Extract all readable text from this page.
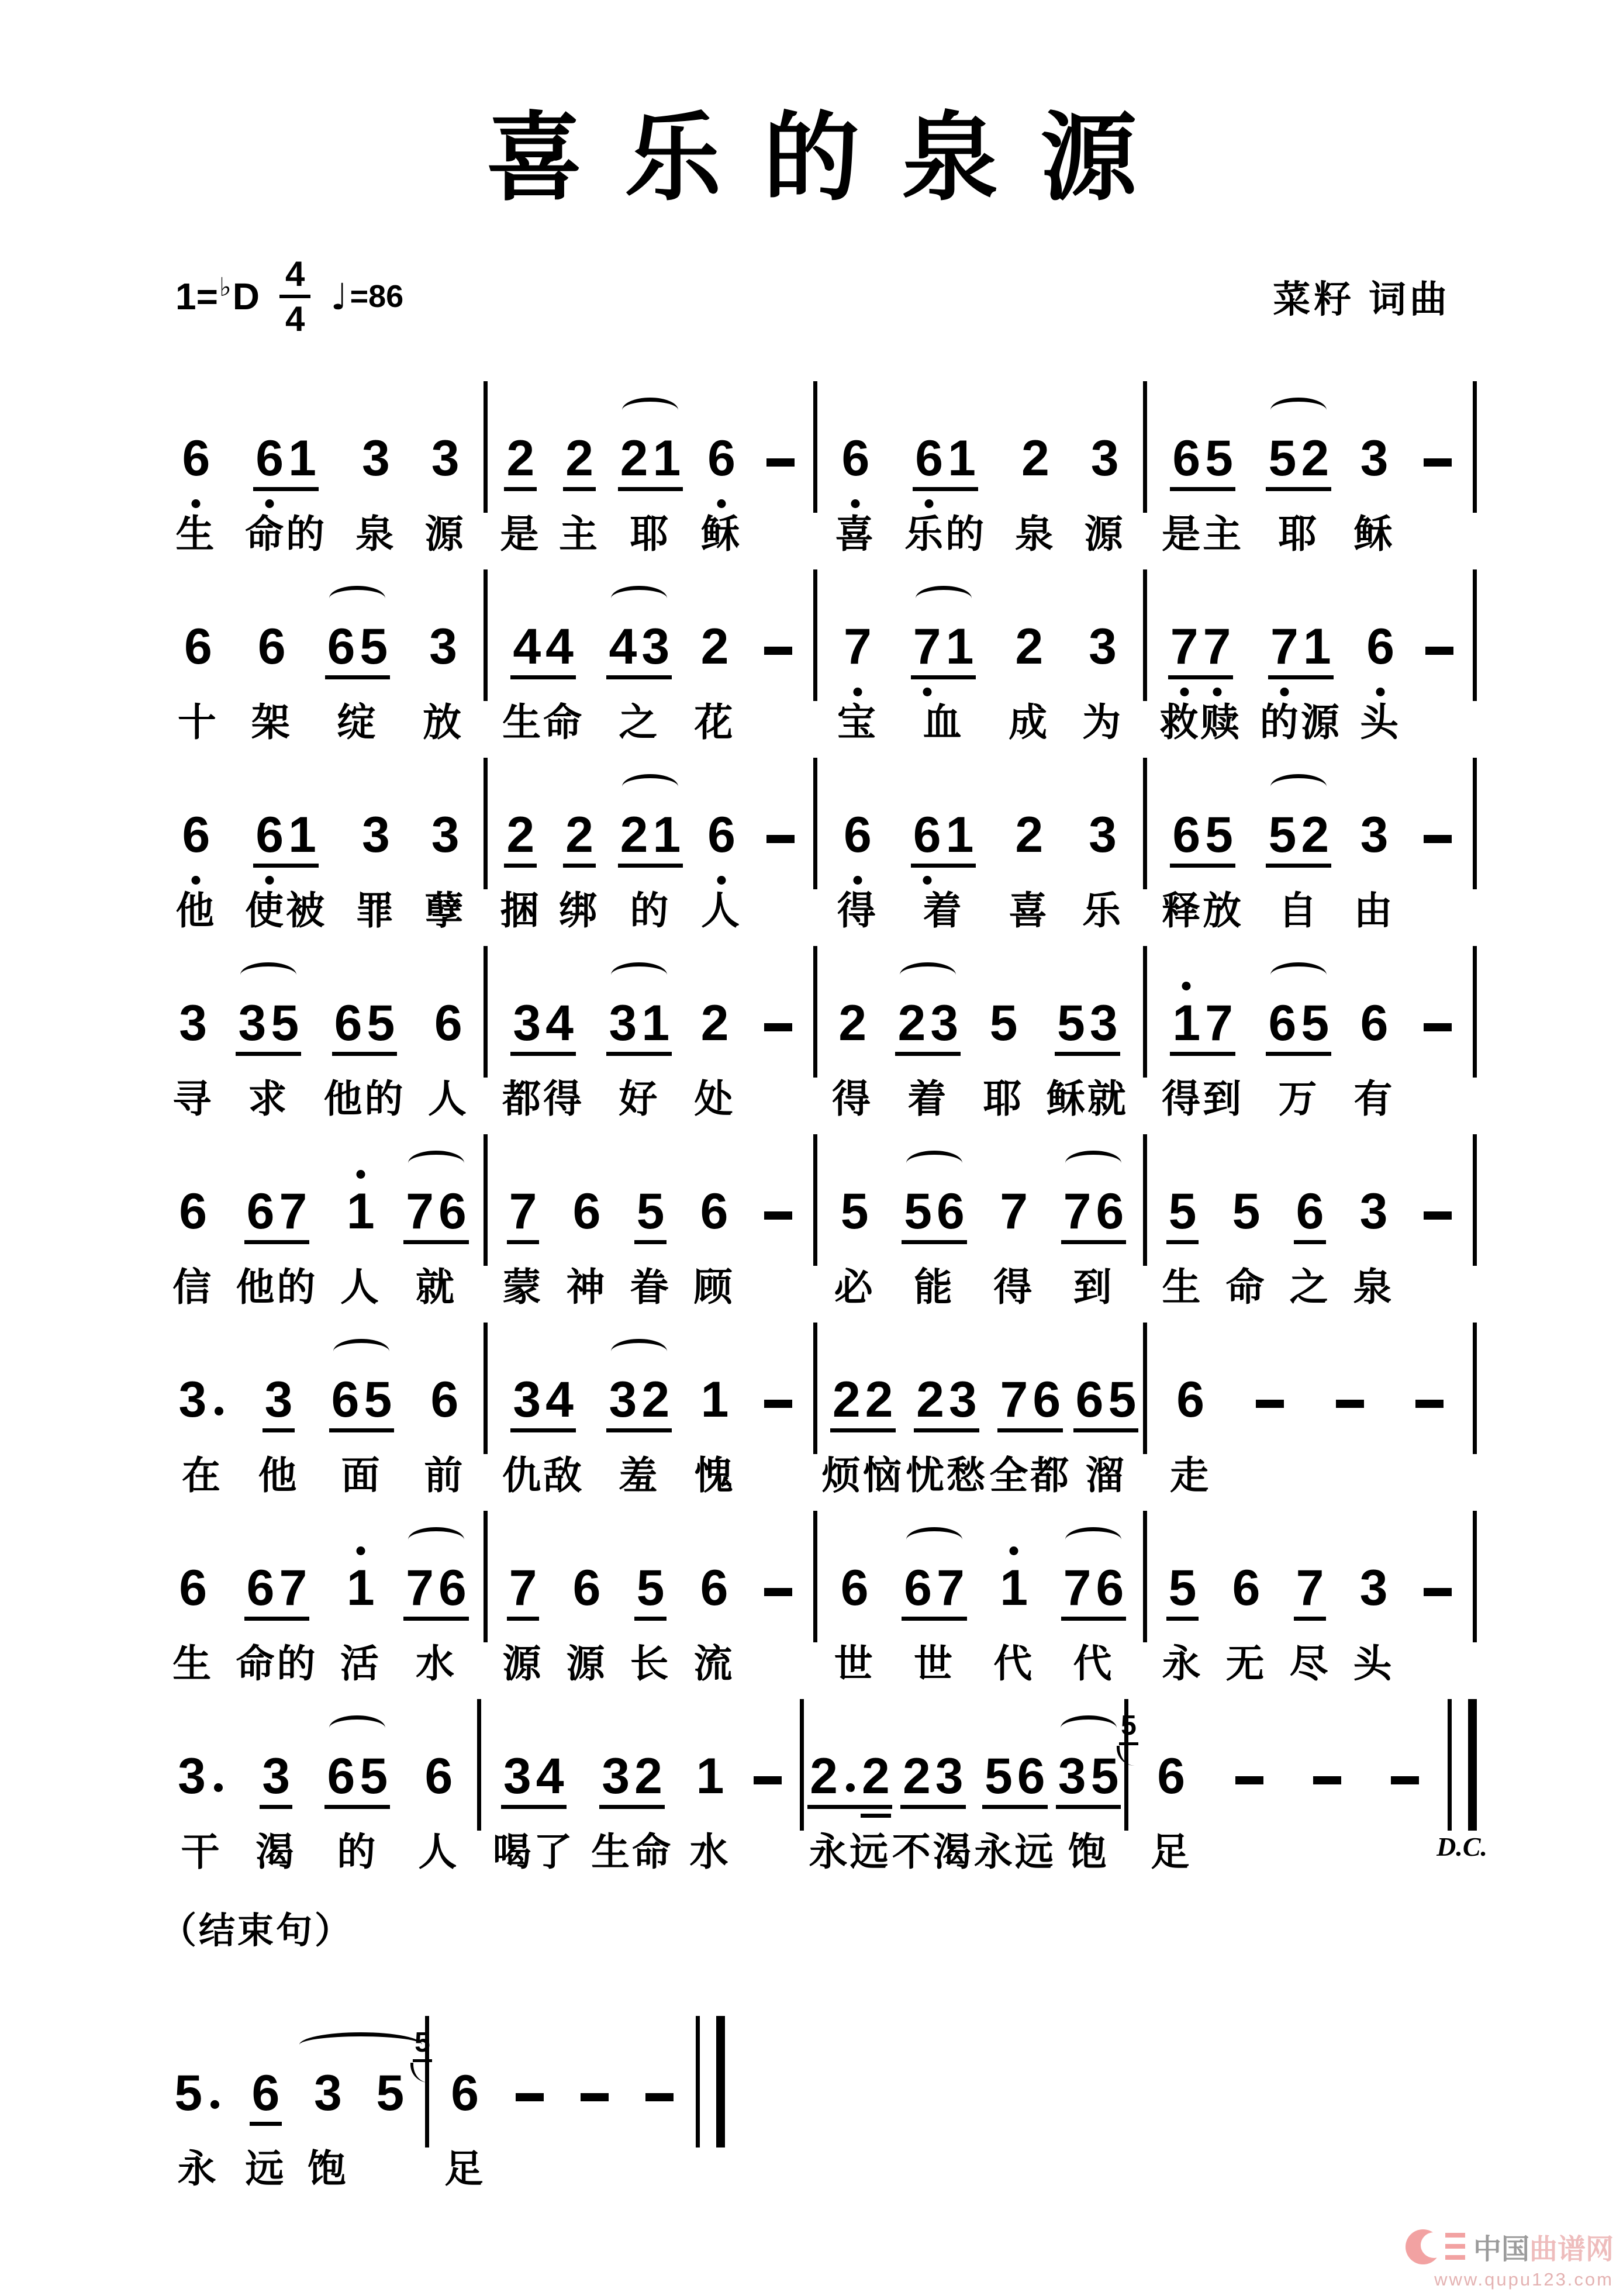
喜乐的泉源
1=♭ D $\frac{4}{4}$ ♩ =86	菜籽 词曲
6
生
6 1
命的
3
泉
3
源
2
是
2
主
2 1
耶
6
稣
6
喜
6 1
乐的
2
泉
3
源
6 5
是主
5 2
耶
3
稣
6
十
6
架
6 5
绽
3
放
4 4
生命
4 3
之
2
花
7
宝
7 1
血
2
成
3
为
7 7
救赎
7 1
的源
6
头
6
他
6 1
使被
3
罪
3
孽
2
捆
2
绑
2 1
的
6
人
6
得
6 1
着
2
喜
3
乐
6 5
释放
5 2
自
3
由
3
寻
3 5
求
6 5
他的
6
人
3 4
都得
3 1
好
2
处
2
得
2 3
着
5
耶
5 3
稣就
1 7
得到
6 5
万
6
有
6
信
6 7
他的
1
人
7 6
就
7
蒙
6
神
5
眷
6
顾
5
必
5 6
能
7
得
7 6
到
5
生
5
命
6
之
3
泉
3
在
3
他
6 5
面
6
前
3 4
仇敌
3 2
羞
1
愧
2 2
烦恼
2 3
忧愁
7 6
全都
6 5
溜
6
走
6
生
6 7
命的
1
活
7 6
水
7
源
6
源
5
长
6
流
6
世
6 7
世
1
代
7 6
代
5
永
6
无
7
尽
3
头
3
干
3
渴
6 5
的
6
人
3 4
喝了
3 2
生命
1
水
2 2
永远
2 3
不渴
5 6
永远
3 5
饱
5
6
足	D.C.
（结束句）
5
永
6
远
3
饱
5
5
6
足
中国曲谱网
www.qupu123.com
